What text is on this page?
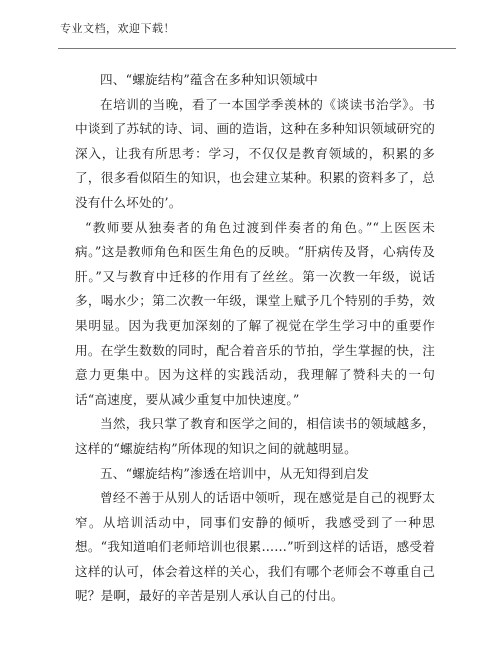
专业文档，欢迎下载！

四、“螺旋结构”蕴含在多种知识领域中

在培训的当晚，看了一本国学季羡林的《谈读书治学》。书中谈到了苏轼的诗、词、画的造诣，这种在多种知识领域研究的深入，让我有所思考：学习，不仅仅是教育领域的，积累的多了，很多看似陌生的知识，也会建立某种。积累的资料多了，总没有什么坏处的’。

“教师要从独奏者的角色过渡到伴奏者的角色。”“上医医未病。”这是教师角色和医生角色的反映。“肝病传及肾，心病传及肝。”又与教育中迁移的作用有了丝丝。第一次教一年级，说话多，喝水少；第二次教一年级，课堂上赋予几个特别的手势，效果明显。因为我更加深刻的了解了视觉在学生学习中的重要作用。在学生数数的同时，配合着音乐的节拍，学生掌握的快，注意力更集中。因为这样的实践活动，我理解了赞科夫的一句话“高速度，要从减少重复中加快速度。”

当然，我只掌了教育和医学之间的，相信读书的领域越多，这样的“螺旋结构”所体现的知识之间的就越明显。

五、“螺旋结构”渗透在培训中，从无知得到启发

曾经不善于从别人的话语中领听，现在感觉是自己的视野太窄。从培训活动中，同事们安静的倾听，我感受到了一种思想。“我知道咱们老师培训也很累……”听到这样的话语，感受着这样的认可，体会着这样的关心，我们有哪个老师会不尊重自己呢？是啊，最好的辛苦是别人承认自己的付出。
